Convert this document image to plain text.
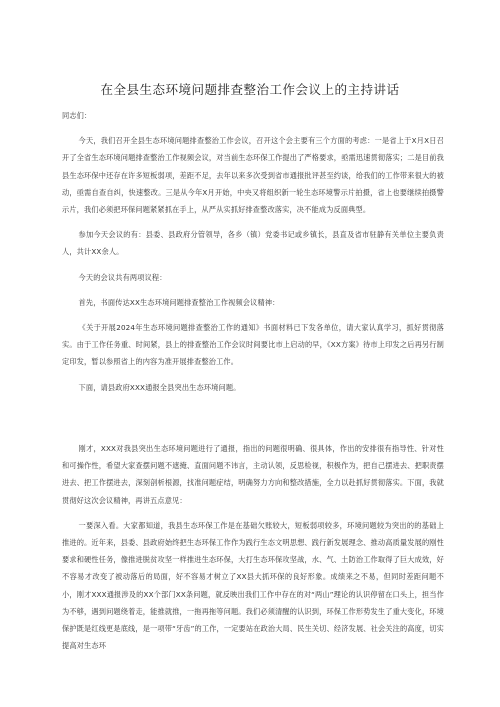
在全县生态环境问题排查整治工作会议上的主持讲话

同志们：

今天，我们召开全县生态环境问题排查整治工作会议，召开这个会主要有三个方面的考虑：一是省上于X月X日召开了全省生态环境问题排查整治工作视频会议，对当前生态环保工作提出了严格要求，亟需迅速贯彻落实；二是目前我县生态环保中还存在许多短板弱项，差距不足，去年以来多次受到省市通报批评甚至约谈，给我们的工作带来很大的被动，亟需自查自纠，快速整改。三是从今年X月开始，中央又将组织新一轮生态环境警示片拍摄，省上也要继续拍摄警示片，我们必须把环保问题紧紧抓在手上，从严从实抓好排查整改落实，决不能成为反面典型。

参加今天会议的有：县委、县政府分管领导，各乡（镇）党委书记或乡镇长，县直及省市驻静有关单位主要负责人，共计XX余人。

今天的会议共有两项议程：

首先，书面传达XX生态环境问题排查整治工作视频会议精神：

《关于开展2024年生态环境问题排查整治工作的通知》书面材料已下发各单位，请大家认真学习，抓好贯彻落实。由于工作任务重、时间紧，县上的排查整治工作会议时间要比市上启动的早，《XX方案》待市上印发之后再另行制定印发，暂以参照省上的内容为准开展排查整治工作。

下面，请县政府XXX通报全县突出生态环境问题。

刚才，XXX对我县突出生态环境问题进行了通报，指出的问题很明确、很具体，作出的安排很有指导性、针对性和可操作性，希望大家查摆问题不遮掩、直面问题不讳言，主动认领，反思检视，积极作为，把自己摆进去、把职责摆进去、把工作摆进去，深刻剖析根源，找准问题症结，明确努力方向和整改措施，全力以赴抓好贯彻落实。下面，我就贯彻好这次会议精神，再讲五点意见：

一要深入看。大家都知道，我县生态环保工作是在基础欠账较大，短板弱项较多，环境问题较为突出的的基础上推进的。近年来，县委、县政府始终把生态环保工作作为践行生态文明思想、践行新发展理念、推动高质量发展的刚性要求和硬性任务，像推进脱贫攻坚一样推进生态环保，大打生态环保攻坚战，水、气、土防治工作取得了巨大成效，好不容易才改变了被动落后的局面，好不容易才树立了XX县大抓环保的良好形象。成绩来之不易，但同时差距问题不小，刚才XXX通报涉及的XX个部门XX条问题，就反映出我们工作中存在的对“两山”理论的认识停留在口头上，担当作为不够，遇到问题绕着走，能推就推，一拖再拖等问题。我们必须清醒的认识到，环保工作形势发生了重大变化，环境保护既是红线更是底线，是一项带“牙齿”的工作，一定要站在政治大局、民生关切、经济发展、社会关注的高度，切实提高对生态环
